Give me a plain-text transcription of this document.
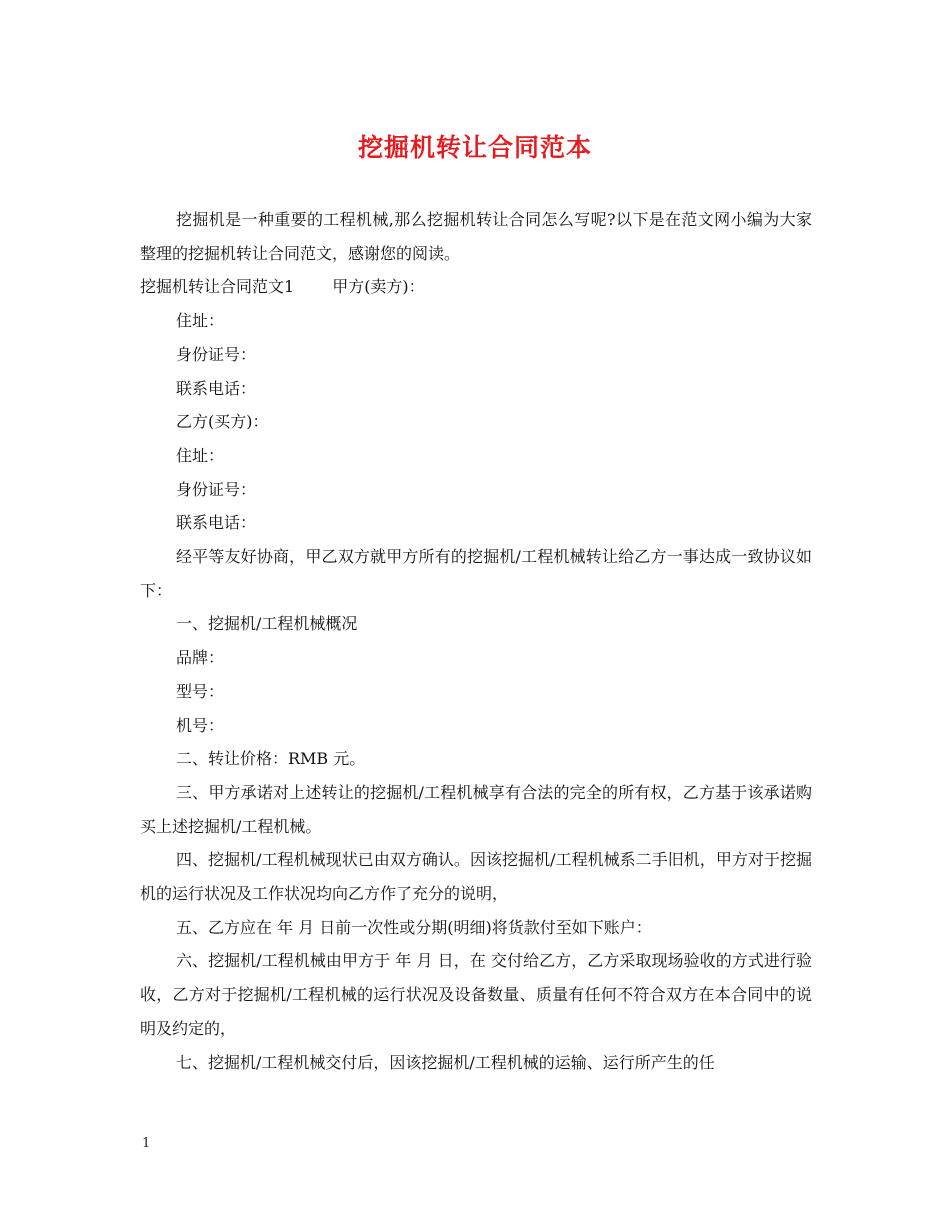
挖掘机转让合同范本

挖掘机是一种重要的工程机械,那么挖掘机转让合同怎么写呢?以下是在范文网小编为大家整理的挖掘机转让合同范文，感谢您的阅读。

挖掘机转让合同范文1 甲方(卖方)：

住址：

身份证号：

联系电话：

乙方(买方)：

住址：

身份证号：

联系电话：

经平等友好协商，甲乙双方就甲方所有的挖掘机/工程机械转让给乙方一事达成一致协议如下：

一、挖掘机/工程机械概况

品牌：

型号：

机号：

二、转让价格：RMB 元。

三、甲方承诺对上述转让的挖掘机/工程机械享有合法的完全的所有权，乙方基于该承诺购买上述挖掘机/工程机械。

四、挖掘机/工程机械现状已由双方确认。因该挖掘机/工程机械系二手旧机，甲方对于挖掘机的运行状况及工作状况均向乙方作了充分的说明，

五、乙方应在 年 月 日前一次性或分期(明细)将货款付至如下账户：

六、挖掘机/工程机械由甲方于 年 月 日，在 交付给乙方，乙方采取现场验收的方式进行验收，乙方对于挖掘机/工程机械的运行状况及设备数量、质量有任何不符合双方在本合同中的说明及约定的，

七、挖掘机/工程机械交付后，因该挖掘机/工程机械的运输、运行所产生的任

1
